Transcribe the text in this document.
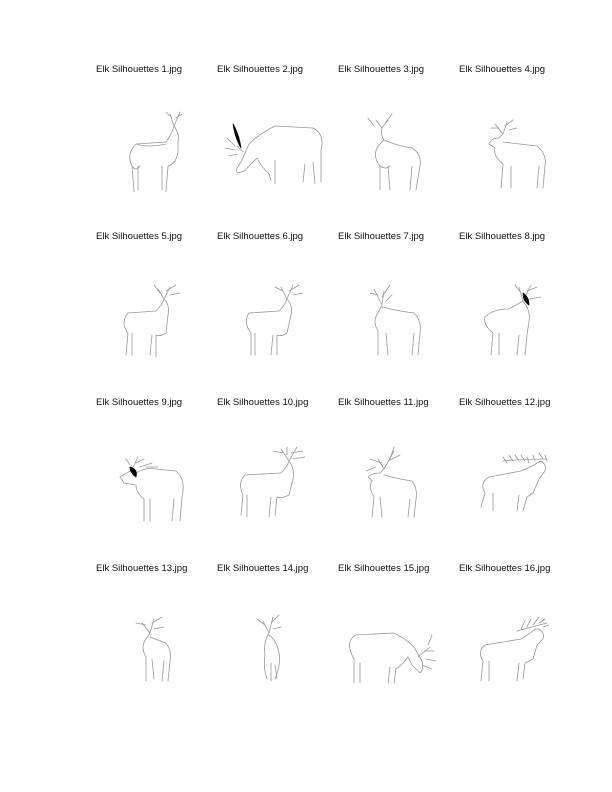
Elk Silhouettes 1.jpg	Elk Silhouettes 2.jpg	Elk Silhouettes 3.jpg	Elk Silhouettes 4.jpg
Elk Silhouettes 5.jpg	Elk Silhouettes 6.jpg	Elk Silhouettes 7.jpg	Elk Silhouettes 8.jpg
Elk Silhouettes 9.jpg	Elk Silhouettes 10.jpg	Elk Silhouettes 11.jpg	Elk Silhouettes 12.jpg
Elk Silhouettes 13.jpg	Elk Silhouettes 14.jpg	Elk Silhouettes 15.jpg	Elk Silhouettes 16.jpg
